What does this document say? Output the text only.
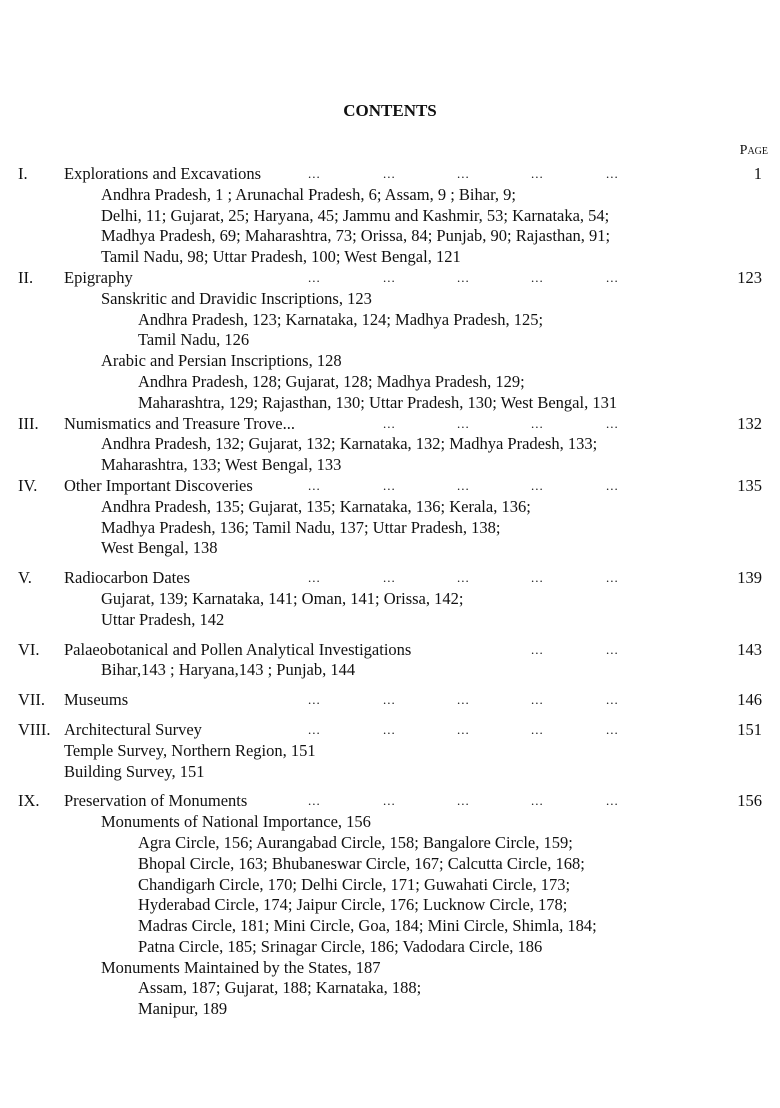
CONTENTS
Page
I. Explorations and Excavations	...	...	...	...	...	1
Andhra Pradesh, 1 ; Arunachal Pradesh, 6; Assam, 9 ; Bihar, 9;
Delhi, 11; Gujarat, 25; Haryana, 45; Jammu and Kashmir, 53; Karnataka, 54;
Madhya Pradesh, 69; Maharashtra, 73; Orissa, 84; Punjab, 90; Rajasthan, 91;
Tamil Nadu, 98; Uttar Pradesh, 100; West Bengal, 121
II. Epigraphy	...	...	...	...	...	123
Sanskritic and Dravidic Inscriptions, 123
Andhra Pradesh, 123; Karnataka, 124; Madhya Pradesh, 125;
Tamil Nadu, 126
Arabic and Persian Inscriptions, 128
Andhra Pradesh, 128; Gujarat, 128; Madhya Pradesh, 129;
Maharashtra, 129; Rajasthan, 130; Uttar Pradesh, 130; West Bengal, 131
III. Numismatics and Treasure Trove...	...	...	...	...	132
Andhra Pradesh, 132; Gujarat, 132; Karnataka, 132; Madhya Pradesh, 133;
Maharashtra, 133; West Bengal, 133
IV. Other Important Discoveries	...	...	...	...	...	135
Andhra Pradesh, 135; Gujarat, 135; Karnataka, 136; Kerala, 136;
Madhya Pradesh, 136; Tamil Nadu, 137; Uttar Pradesh, 138;
West Bengal, 138
V. Radiocarbon Dates	...	...	...	...	...	139
Gujarat, 139; Karnataka, 141; Oman, 141; Orissa, 142;
Uttar Pradesh, 142
VI. Palaeobotanical and Pollen Analytical Investigations	...	...	143
Bihar,143 ; Haryana,143 ; Punjab, 144
VII. Museums	...	...	...	...	...	146
VIII. Architectural Survey	...	...	...	...	...	151
Temple Survey, Northern Region, 151
Building Survey, 151
IX. Preservation of Monuments	...	...	...	...	...	156
Monuments of National Importance, 156
Agra Circle, 156; Aurangabad Circle, 158; Bangalore Circle, 159;
Bhopal Circle, 163; Bhubaneswar Circle, 167; Calcutta Circle, 168;
Chandigarh Circle, 170; Delhi Circle, 171; Guwahati Circle, 173;
Hyderabad Circle, 174; Jaipur Circle, 176; Lucknow Circle, 178;
Madras Circle, 181; Mini Circle, Goa, 184; Mini Circle, Shimla, 184;
Patna Circle, 185; Srinagar Circle, 186; Vadodara Circle, 186
Monuments Maintained by the States, 187
Assam, 187; Gujarat, 188; Karnataka, 188;
Manipur, 189
